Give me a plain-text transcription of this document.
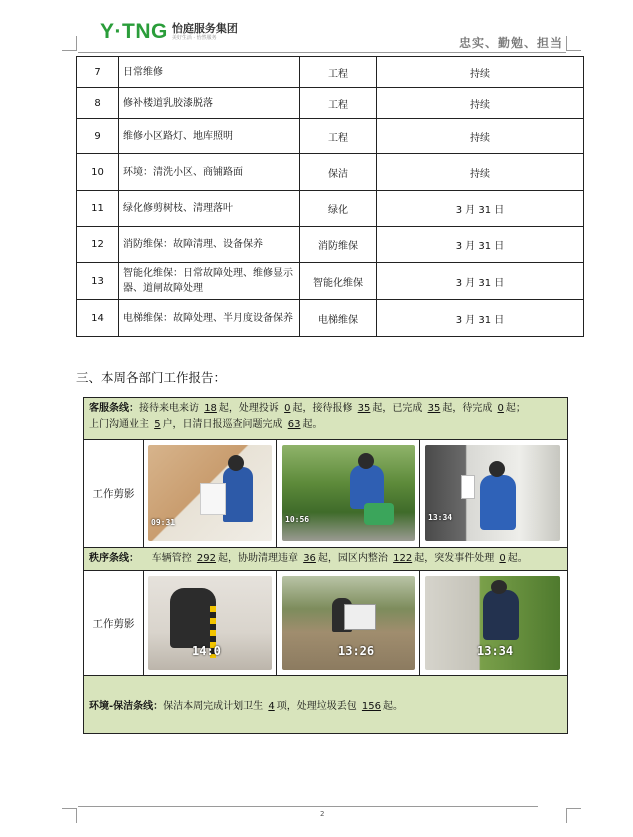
Y·TNG 怡庭服务集团
美好生活 · 怡然服务	忠实、勤勉、担当
7	日常维修	工程	持续
8	修补楼道乳胶漆脱落	工程	持续
9	维修小区路灯、地库照明	工程	持续
10	环境：清洗小区、商铺路面	保洁	持续
11	绿化修剪树枝、清理落叶	绿化	3 月 31 日
12	消防维保：故障清理、设备保养	消防维保	3 月 31 日
13	智能化维保：日常故障处理、维修显示器、道闸故障处理	智能化维保	3 月 31 日
14	电梯维保：故障处理、半月度设备保养	电梯维保	3 月 31 日
三、本周各部门工作报告：
客服条线：接待来电来访 18 起，处理投诉 0 起，接待报修 35 起，已完成 35 起，待完成 0 起；
上门沟通业主 5 户，日清日报巡查问题完成 63 起。
工作剪影
09:31	10:56	13:34
秩序条线： 车辆管控 292 起，协助清理违章 36 起，园区内整治 122 起，突发事件处理 0 起。
工作剪影
14:0	13:26	13:34
环境-保洁条线：保洁本周完成计划卫生 4 项，处理垃圾丢包 156 起。
2
